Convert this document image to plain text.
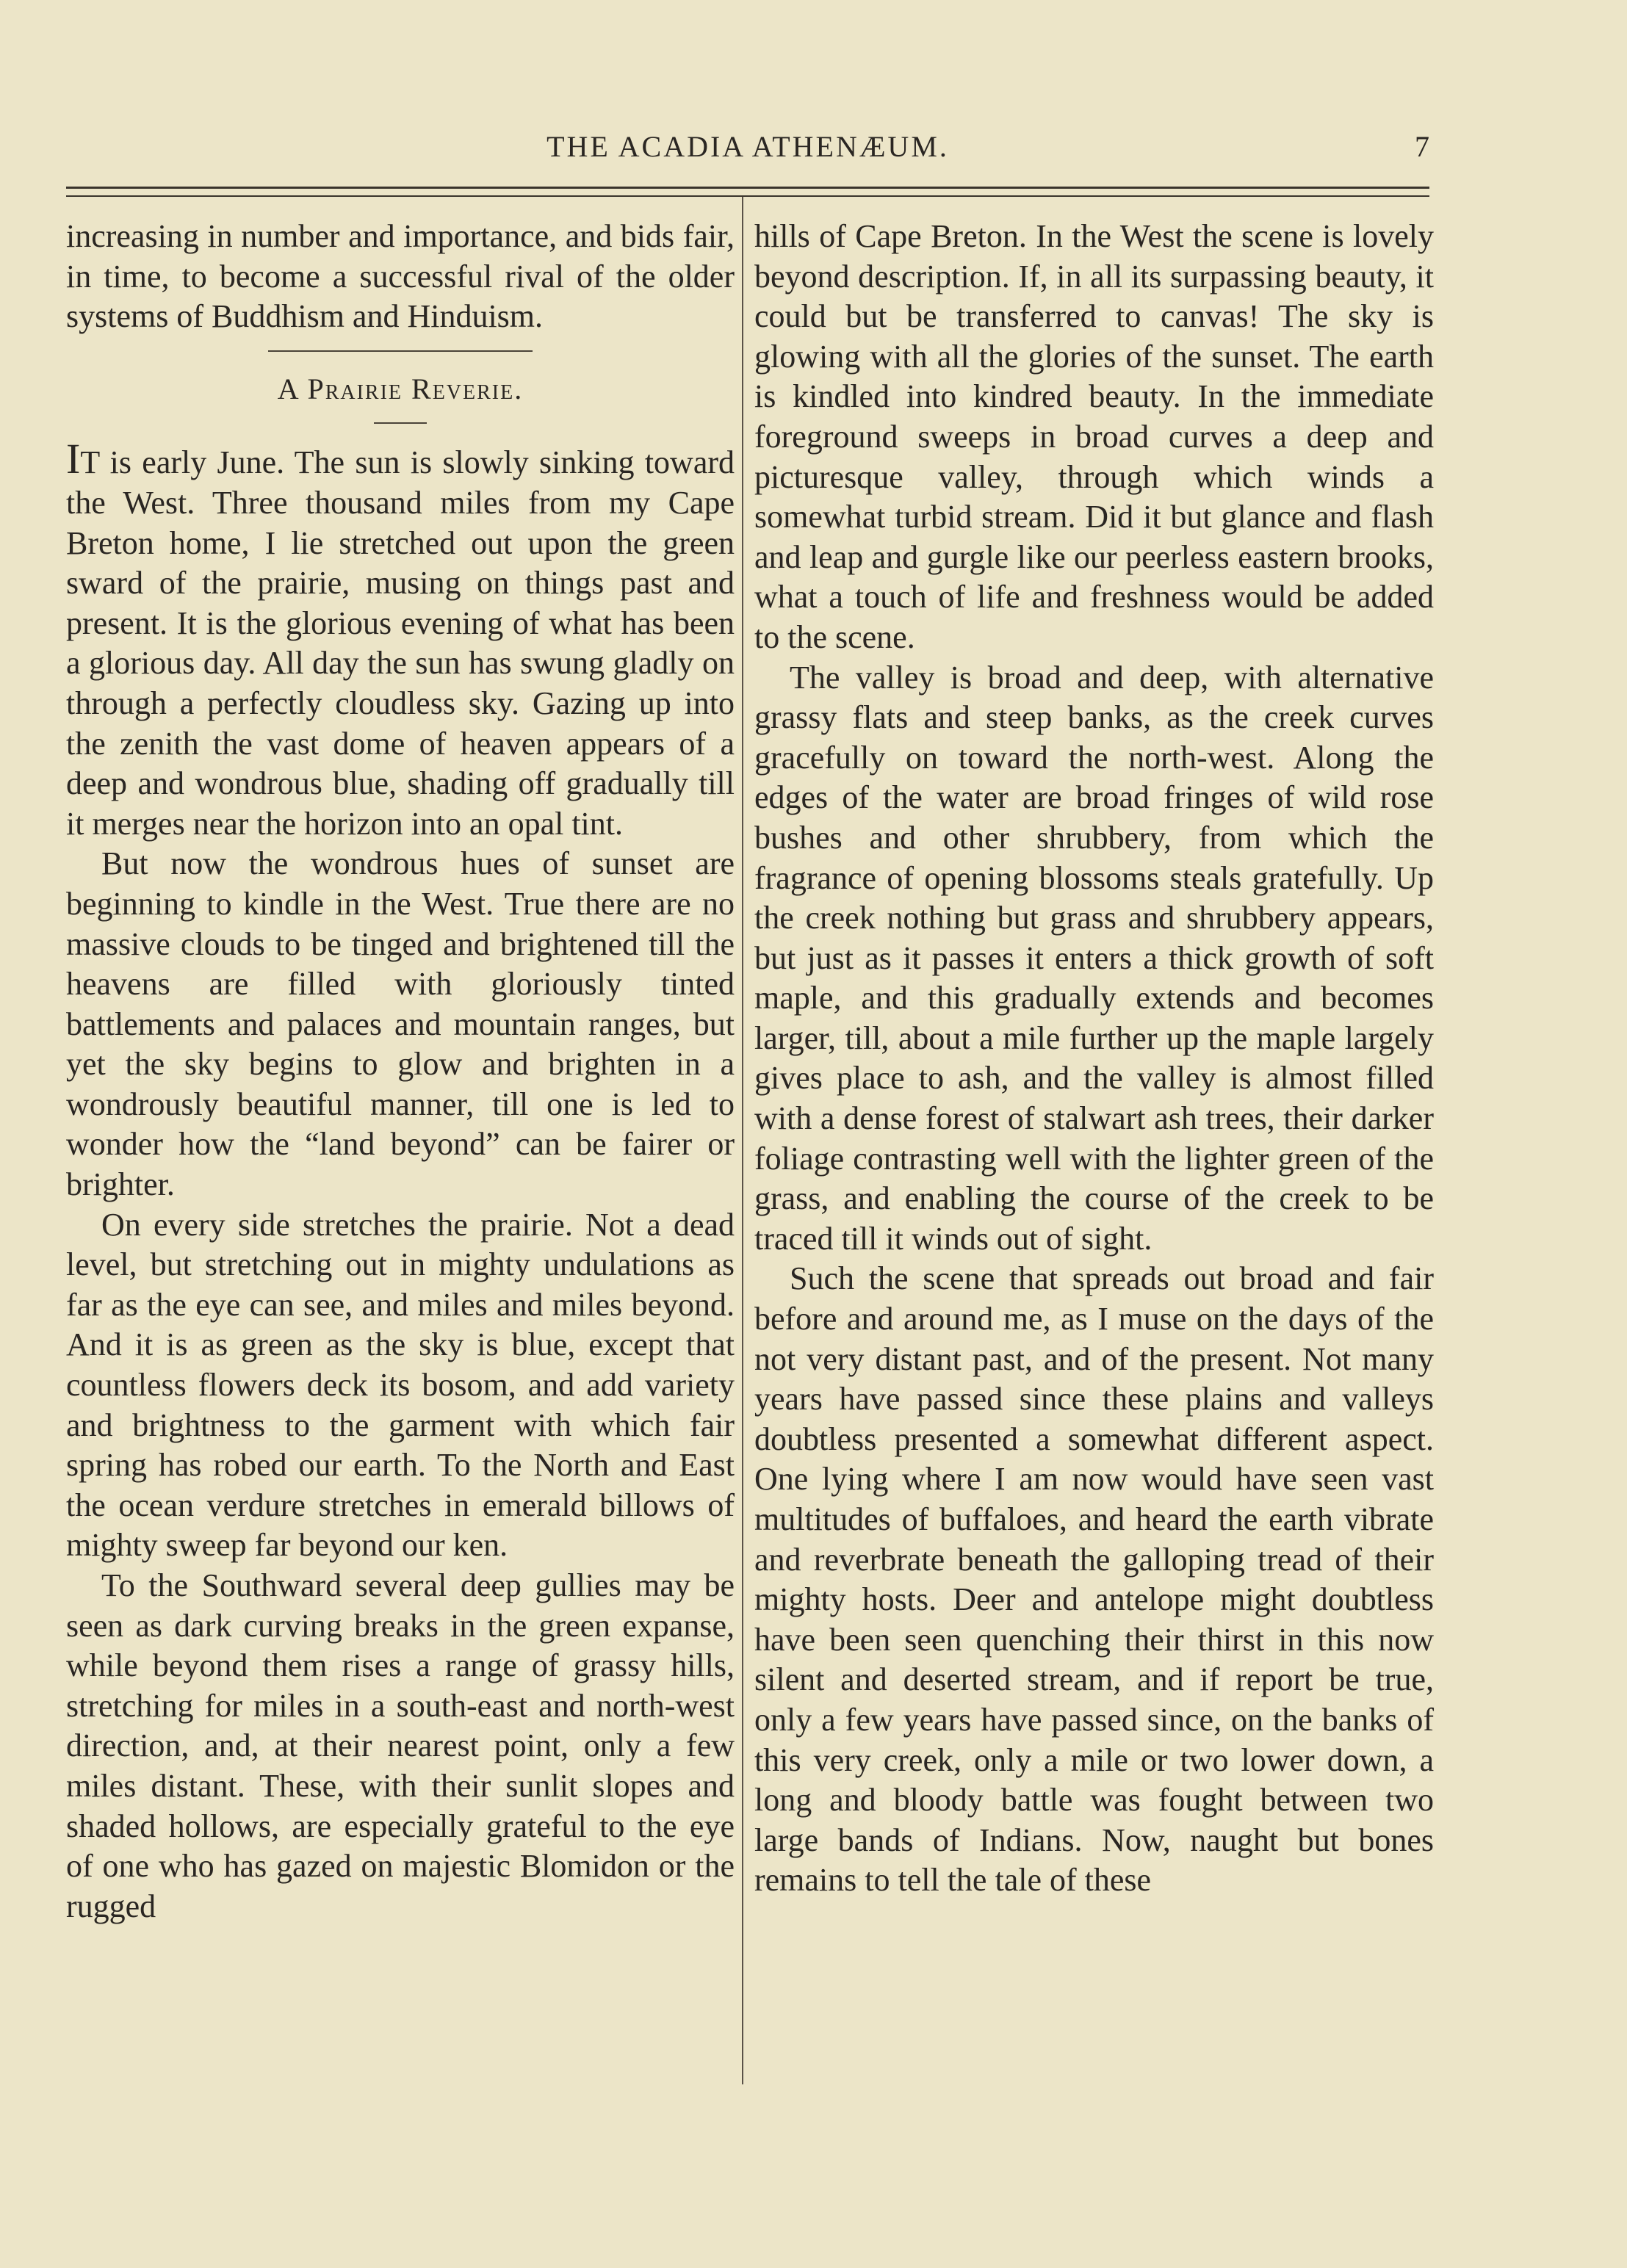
THE ACADIA ATHENÆUM.	7

increasing in number and importance, and bids fair, in time, to become a successful rival of the older systems of Buddhism and Hinduism.

A Prairie Reverie.

IT is early June. The sun is slowly sinking toward the West. Three thousand miles from my Cape Breton home, I lie stretched out upon the green sward of the prairie, musing on things past and present. It is the glorious evening of what has been a glorious day. All day the sun has swung gladly on through a perfectly cloudless sky. Gazing up into the zenith the vast dome of heaven appears of a deep and wondrous blue, shading off gradually till it merges near the horizon into an opal tint.

But now the wondrous hues of sunset are beginning to kindle in the West. True there are no massive clouds to be tinged and brightened till the heavens are filled with gloriously tinted battlements and palaces and mountain ranges, but yet the sky begins to glow and brighten in a wondrously beautiful manner, till one is led to wonder how the “land beyond” can be fairer or brighter.

On every side stretches the prairie. Not a dead level, but stretching out in mighty undulations as far as the eye can see, and miles and miles beyond. And it is as green as the sky is blue, except that countless flowers deck its bosom, and add variety and brightness to the garment with which fair spring has robed our earth. To the North and East the ocean verdure stretches in emerald billows of mighty sweep far beyond our ken.

To the Southward several deep gullies may be seen as dark curving breaks in the green expanse, while beyond them rises a range of grassy hills, stretching for miles in a south-east and north-west direction, and, at their nearest point, only a few miles distant. These, with their sunlit slopes and shaded hollows, are especially grateful to the eye of one who has gazed on majestic Blomidon or the rugged

hills of Cape Breton. In the West the scene is lovely beyond description. If, in all its surpassing beauty, it could but be transferred to canvas! The sky is glowing with all the glories of the sunset. The earth is kindled into kindred beauty. In the immediate foreground sweeps in broad curves a deep and picturesque valley, through which winds a somewhat turbid stream. Did it but glance and flash and leap and gurgle like our peerless eastern brooks, what a touch of life and freshness would be added to the scene.

The valley is broad and deep, with alternative grassy flats and steep banks, as the creek curves gracefully on toward the north-west. Along the edges of the water are broad fringes of wild rose bushes and other shrubbery, from which the fragrance of opening blossoms steals gratefully. Up the creek nothing but grass and shrubbery appears, but just as it passes it enters a thick growth of soft maple, and this gradually extends and becomes larger, till, about a mile further up the maple largely gives place to ash, and the valley is almost filled with a dense forest of stalwart ash trees, their darker foliage contrasting well with the lighter green of the grass, and enabling the course of the creek to be traced till it winds out of sight.

Such the scene that spreads out broad and fair before and around me, as I muse on the days of the not very distant past, and of the present. Not many years have passed since these plains and valleys doubtless presented a somewhat different aspect. One lying where I am now would have seen vast multitudes of buffaloes, and heard the earth vibrate and reverbrate beneath the galloping tread of their mighty hosts. Deer and antelope might doubtless have been seen quenching their thirst in this now silent and deserted stream, and if report be true, only a few years have passed since, on the banks of this very creek, only a mile or two lower down, a long and bloody battle was fought between two large bands of Indians. Now, naught but bones remains to tell the tale of these
